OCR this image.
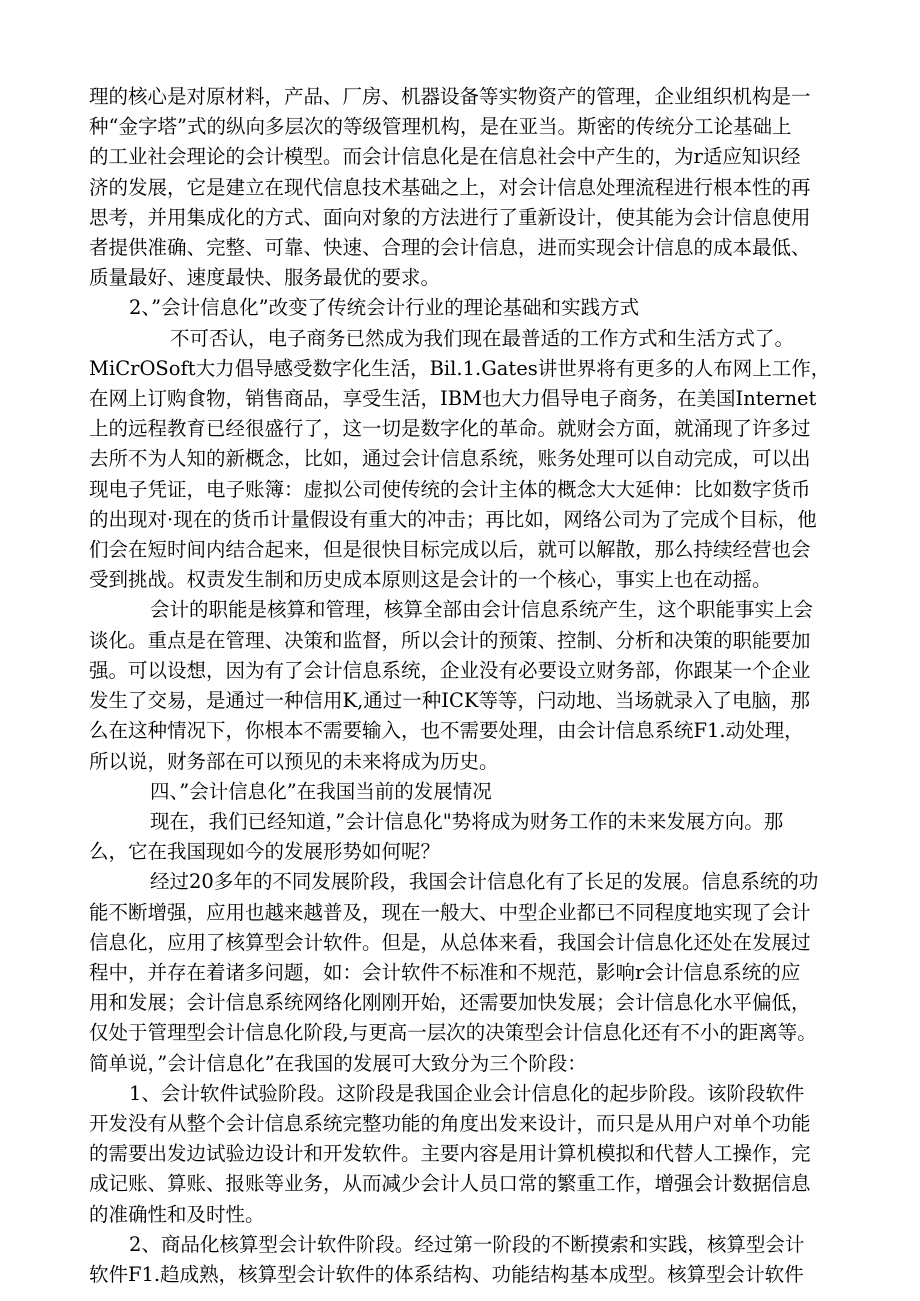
理的核心是对原材料，产品、厂房、机器设备等实物资产的管理，企业组织机构是一
种“金字塔”式的纵向多层次的等级管理机构，是在亚当。斯密的传统分工论基础上
的工业社会理论的会计模型。而会计信息化是在信息社会中产生的，为r适应知识经
济的发展，它是建立在现代信息技术基础之上，对会计信息处理流程进行根本性的再
思考，并用集成化的方式、面向对象的方法进行了重新设计，使其能为会计信息使用
者提供准确、完整、可靠、快速、合理的会计信息，进而实现会计信息的成本最低、
质量最好、速度最快、服务最优的要求。
2、”会计信息化”改变了传统会计行业的理论基础和实践方式
不可否认，电子商务已然成为我们现在最普适的工作方式和生活方式了。
MiCrOSoft大力倡导感受数字化生活，Bil.1.Gates讲世界将有更多的人布网上工作，
在网上订购食物，销售商品，享受生活，IBM也大力倡导电子商务，在美国Internet
上的远程教育已经很盛行了，这一切是数字化的革命。就财会方面，就涌现了许多过
去所不为人知的新概念，比如，通过会计信息系统，账务处理可以自动完成，可以出
现电子凭证，电子账簿：虚拟公司使传统的会计主体的概念大大延伸：比如数字货币
的出现对·现在的货币计量假设有重大的冲击；再比如，网络公司为了完成个目标，他
们会在短时间内结合起来，但是很快目标完成以后，就可以解散，那么持续经营也会
受到挑战。权责发生制和历史成本原则这是会计的一个核心，事实上也在动摇。
会计的职能是核算和管理，核算全部由会计信息系统产生，这个职能事实上会
谈化。重点是在管理、决策和监督，所以会计的预策、控制、分析和决策的职能要加
强。可以设想，因为有了会计信息系统，企业没有必要设立财务部，你跟某一个企业
发生了交易，是通过一种信用K,通过一种ICK等等，闩动地、当场就录入了电脑，那
么在这种情况下，你根本不需要输入，也不需要处理，由会计信息系统F1.动处理，
所以说，财务部在可以预见的未来将成为历史。
四、”会计信息化”在我国当前的发展情况
现在，我们已经知道，”会计信息化"势将成为财务工作的未来发展方向。那
么，它在我国现如今的发展形势如何呢？
经过20多年的不同发展阶段，我国会计信息化有了长足的发展。信息系统的功
能不断增强，应用也越来越普及，现在一般大、中型企业都已不同程度地实现了会计
信息化，应用了核算型会计软件。但是，从总体来看，我国会计信息化还处在发展过
程中，并存在着诸多问题，如：会计软件不标准和不规范，影响r会计信息系统的应
用和发展；会计信息系统网络化刚刚开始，还需要加快发展；会计信息化水平偏低，
仅处于管理型会计信息化阶段,与更高一层次的决策型会计信息化还有不小的距离等。
简单说，”会计信息化”在我国的发展可大致分为三个阶段：
1、会计软件试验阶段。这阶段是我国企业会计信息化的起步阶段。该阶段软件
开发没有从整个会计信息系统完整功能的角度出发来设计，而只是从用户对单个功能
的需要出发边试验边设计和开发软件。主要内容是用计算机模拟和代替人工操作，完
成记账、算账、报账等业务，从而减少会计人员口常的繁重工作，增强会计数据信息
的准确性和及时性。
2、商品化核算型会计软件阶段。经过第一阶段的不断摸索和实践，核算型会计
软件F1.趋成熟，核算型会计软件的体系结构、功能结构基本成型。核算型会计软件
